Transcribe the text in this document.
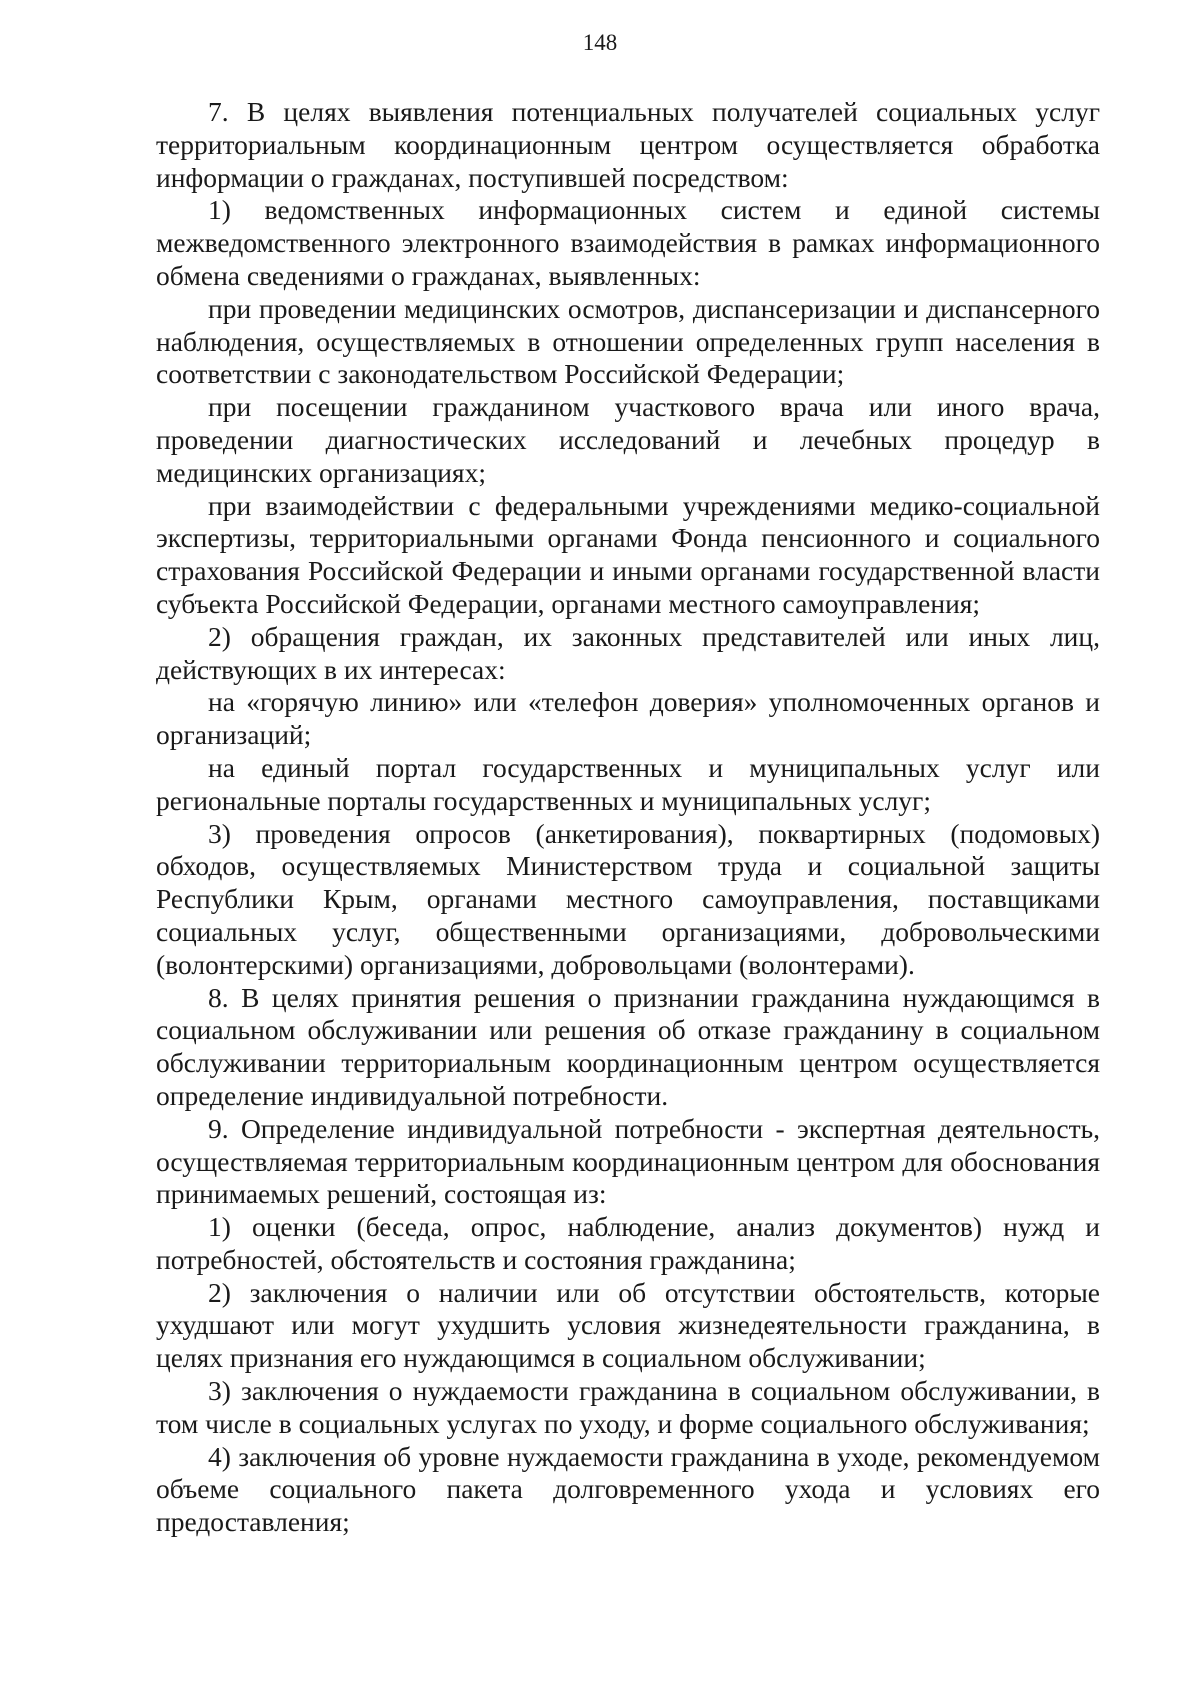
148

7. В целях выявления потенциальных получателей социальных услуг территориальным координационным центром осуществляется обработка информации о гражданах, поступившей посредством:

1) ведомственных информационных систем и единой системы межведомственного электронного взаимодействия в рамках информационного обмена сведениями о гражданах, выявленных:

при проведении медицинских осмотров, диспансеризации и диспансерного наблюдения, осуществляемых в отношении определенных групп населения в соответствии с законодательством Российской Федерации;

при посещении гражданином участкового врача или иного врача, проведении диагностических исследований и лечебных процедур в медицинских организациях;

при взаимодействии с федеральными учреждениями медико-социальной экспертизы, территориальными органами Фонда пенсионного и социального страхования Российской Федерации и иными органами государственной власти субъекта Российской Федерации, органами местного самоуправления;

2) обращения граждан, их законных представителей или иных лиц, действующих в их интересах:

на «горячую линию» или «телефон доверия» уполномоченных органов и организаций;

на единый портал государственных и муниципальных услуг или региональные порталы государственных и муниципальных услуг;

3) проведения опросов (анкетирования), поквартирных (подомовых) обходов, осуществляемых Министерством труда и социальной защиты Республики Крым, органами местного самоуправления, поставщиками социальных услуг, общественными организациями, добровольческими (волонтерскими) организациями, добровольцами (волонтерами).

8. В целях принятия решения о признании гражданина нуждающимся в социальном обслуживании или решения об отказе гражданину в социальном обслуживании территориальным координационным центром осуществляется определение индивидуальной потребности.

9. Определение индивидуальной потребности - экспертная деятельность, осуществляемая территориальным координационным центром для обоснования принимаемых решений, состоящая из:

1) оценки (беседа, опрос, наблюдение, анализ документов) нужд и потребностей, обстоятельств и состояния гражданина;

2) заключения о наличии или об отсутствии обстоятельств, которые ухудшают или могут ухудшить условия жизнедеятельности гражданина, в целях признания его нуждающимся в социальном обслуживании;

3) заключения о нуждаемости гражданина в социальном обслуживании, в том числе в социальных услугах по уходу, и форме социального обслуживания;

4) заключения об уровне нуждаемости гражданина в уходе, рекомендуемом объеме социального пакета долговременного ухода и условиях его предоставления;
